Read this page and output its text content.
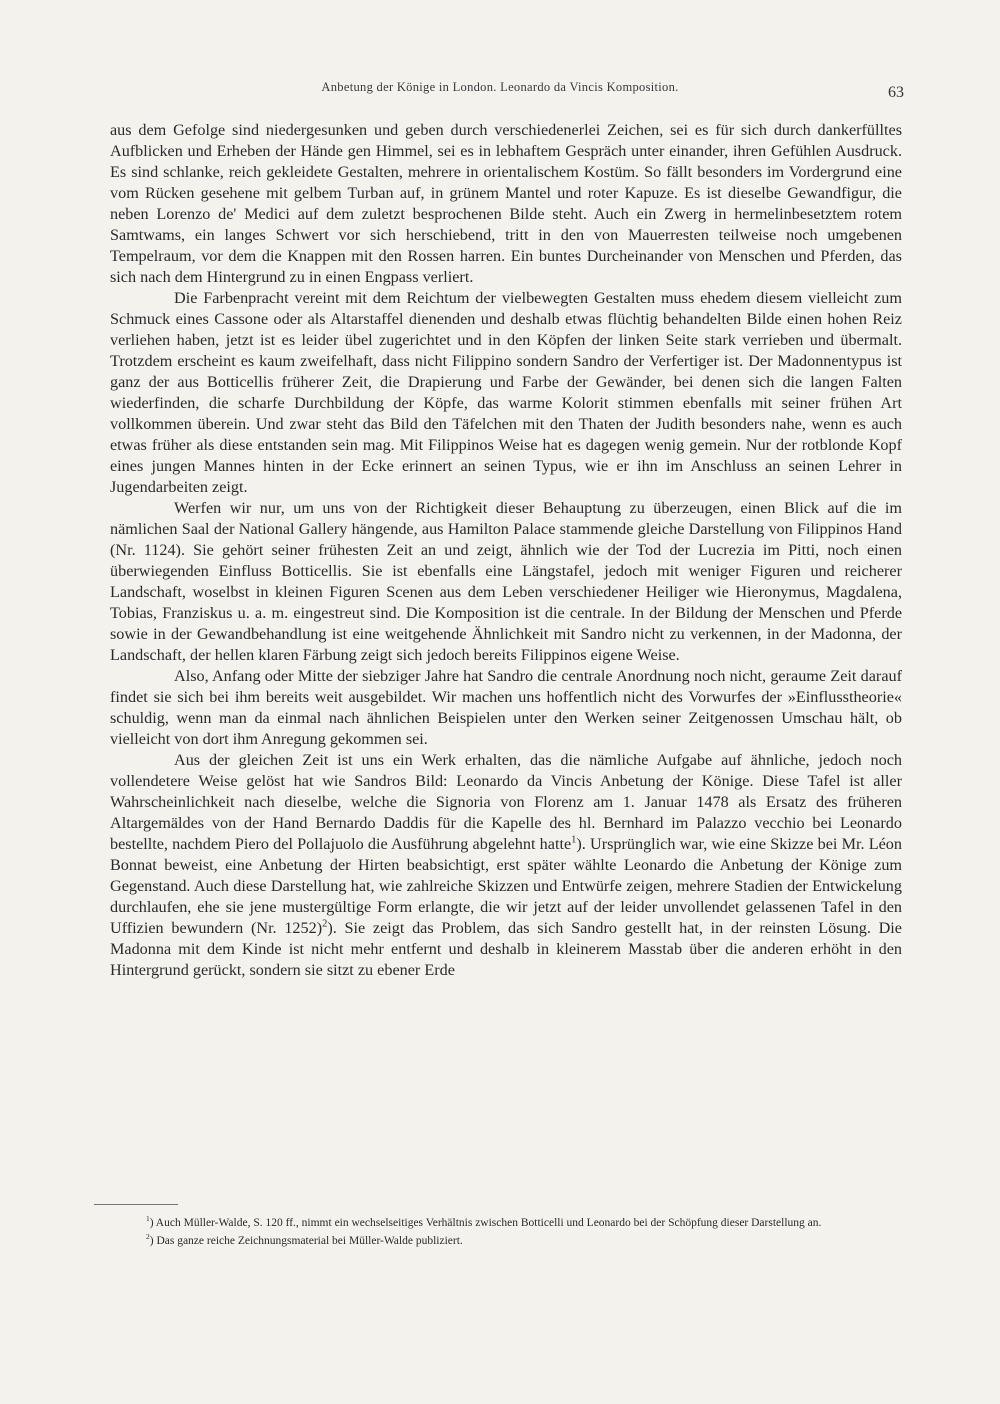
Anbetung der Könige in London. Leonardo da Vincis Komposition.	63

aus dem Gefolge sind niedergesunken und geben durch verschiedenerlei Zeichen, sei es für sich durch dankerfülltes Aufblicken und Erheben der Hände gen Himmel, sei es in lebhaftem Gespräch unter einander, ihren Gefühlen Ausdruck. Es sind schlanke, reich gekleidete Gestalten, mehrere in orientalischem Kostüm. So fällt besonders im Vordergrund eine vom Rücken gesehene mit gelbem Turban auf, in grünem Mantel und roter Kapuze. Es ist dieselbe Gewandfigur, die neben Lorenzo de' Medici auf dem zuletzt besprochenen Bilde steht. Auch ein Zwerg in hermelinbesetztem rotem Samtwams, ein langes Schwert vor sich herschiebend, tritt in den von Mauerresten teilweise noch umgebenen Tempelraum, vor dem die Knappen mit den Rossen harren. Ein buntes Durcheinander von Menschen und Pferden, das sich nach dem Hintergrund zu in einen Engpass verliert.

Die Farbenpracht vereint mit dem Reichtum der vielbewegten Gestalten muss ehedem diesem vielleicht zum Schmuck eines Cassone oder als Altarstaffel dienenden und deshalb etwas flüchtig behandelten Bilde einen hohen Reiz verliehen haben, jetzt ist es leider übel zugerichtet und in den Köpfen der linken Seite stark verrieben und übermalt. Trotzdem erscheint es kaum zweifelhaft, dass nicht Filippino sondern Sandro der Verfertiger ist. Der Madonnentypus ist ganz der aus Botticellis früherer Zeit, die Drapierung und Farbe der Gewänder, bei denen sich die langen Falten wiederfinden, die scharfe Durchbildung der Köpfe, das warme Kolorit stimmen ebenfalls mit seiner frühen Art vollkommen überein. Und zwar steht das Bild den Täfelchen mit den Thaten der Judith besonders nahe, wenn es auch etwas früher als diese entstanden sein mag. Mit Filippinos Weise hat es dagegen wenig gemein. Nur der rotblonde Kopf eines jungen Mannes hinten in der Ecke erinnert an seinen Typus, wie er ihn im Anschluss an seinen Lehrer in Jugendarbeiten zeigt.

Werfen wir nur, um uns von der Richtigkeit dieser Behauptung zu überzeugen, einen Blick auf die im nämlichen Saal der National Gallery hängende, aus Hamilton Palace stammende gleiche Darstellung von Filippinos Hand (Nr. 1124). Sie gehört seiner frühesten Zeit an und zeigt, ähnlich wie der Tod der Lucrezia im Pitti, noch einen überwiegenden Einfluss Botticellis. Sie ist ebenfalls eine Längstafel, jedoch mit weniger Figuren und reicherer Landschaft, woselbst in kleinen Figuren Scenen aus dem Leben verschiedener Heiliger wie Hieronymus, Magdalena, Tobias, Franziskus u. a. m. eingestreut sind. Die Komposition ist die centrale. In der Bildung der Menschen und Pferde sowie in der Gewandbehandlung ist eine weitgehende Ähnlichkeit mit Sandro nicht zu verkennen, in der Madonna, der Landschaft, der hellen klaren Färbung zeigt sich jedoch bereits Filippinos eigene Weise.

Also, Anfang oder Mitte der siebziger Jahre hat Sandro die centrale Anordnung noch nicht, geraume Zeit darauf findet sie sich bei ihm bereits weit ausgebildet. Wir machen uns hoffentlich nicht des Vorwurfes der »Einflusstheorie« schuldig, wenn man da einmal nach ähnlichen Beispielen unter den Werken seiner Zeitgenossen Umschau hält, ob vielleicht von dort ihm Anregung gekommen sei.

Aus der gleichen Zeit ist uns ein Werk erhalten, das die nämliche Aufgabe auf ähnliche, jedoch noch vollendetere Weise gelöst hat wie Sandros Bild: Leonardo da Vincis Anbetung der Könige. Diese Tafel ist aller Wahrscheinlichkeit nach dieselbe, welche die Signoria von Florenz am 1. Januar 1478 als Ersatz des früheren Altargemäldes von der Hand Bernardo Daddis für die Kapelle des hl. Bernhard im Palazzo vecchio bei Leonardo bestellte, nachdem Piero del Pollajuolo die Ausführung abgelehnt hatte$^1$). Ursprünglich war, wie eine Skizze bei Mr. Léon Bonnat beweist, eine Anbetung der Hirten beabsichtigt, erst später wählte Leonardo die Anbetung der Könige zum Gegenstand. Auch diese Darstellung hat, wie zahlreiche Skizzen und Entwürfe zeigen, mehrere Stadien der Entwickelung durchlaufen, ehe sie jene mustergültige Form erlangte, die wir jetzt auf der leider unvollendet gelassenen Tafel in den Uffizien bewundern (Nr. 1252)$^2$). Sie zeigt das Problem, das sich Sandro gestellt hat, in der reinsten Lösung. Die Madonna mit dem Kinde ist nicht mehr entfernt und deshalb in kleinerem Masstab über die anderen erhöht in den Hintergrund gerückt, sondern sie sitzt zu ebener Erde

$^1$) Auch Müller-Walde, S. 120 ff., nimmt ein wechselseitiges Verhältnis zwischen Botticelli und Leonardo bei der Schöpfung dieser Darstellung an.

$^2$) Das ganze reiche Zeichnungsmaterial bei Müller-Walde publiziert.
